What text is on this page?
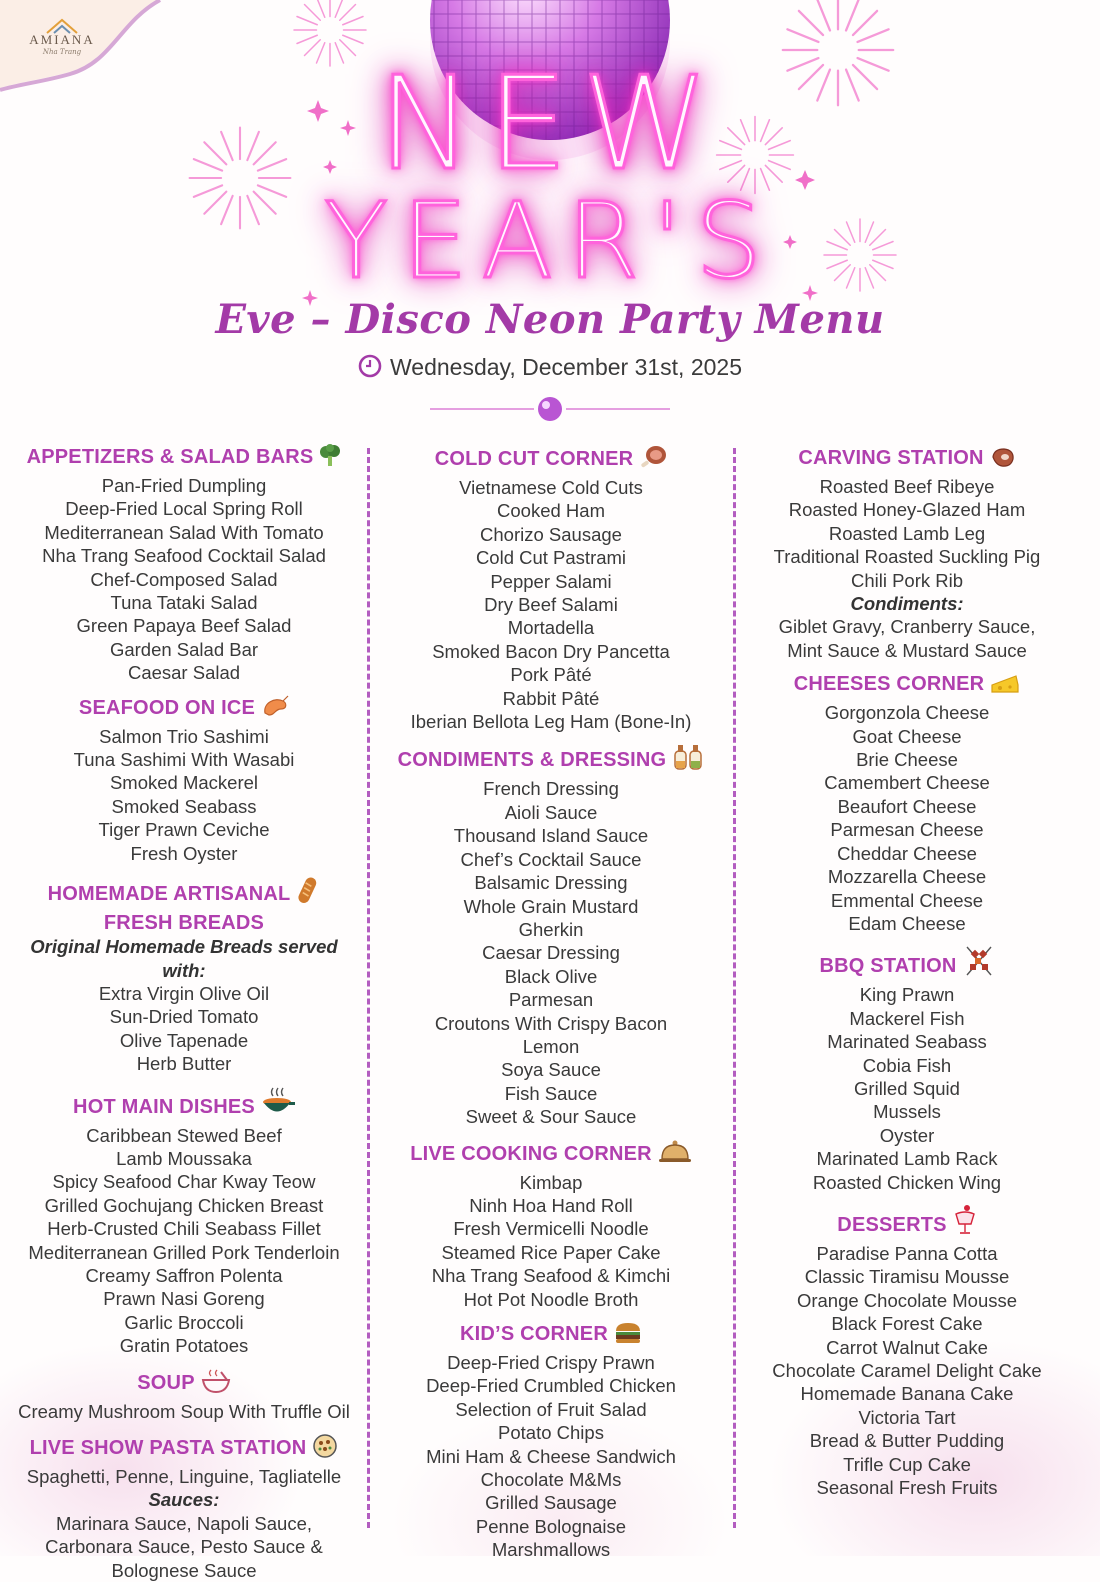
AMIANA
Nha Trang	NEW
YEAR'S
Eve – Disco Neon Party Menu
Wednesday, December 31st, 2025
APPETIZERS & SALAD BARS
Pan-Fried Dumpling
Deep-Fried Local Spring Roll
Mediterranean Salad With Tomato
Nha Trang Seafood Cocktail Salad
Chef-Composed Salad
Tuna Tataki Salad
Green Papaya Beef Salad
Garden Salad Bar
Caesar Salad
SEAFOOD ON ICE
Salmon Trio Sashimi
Tuna Sashimi With Wasabi
Smoked Mackerel
Smoked Seabass
Tiger Prawn Ceviche
Fresh Oyster
HOMEMADE ARTISANAL
FRESH BREADS
Original Homemade Breads served with:
Extra Virgin Olive Oil
Sun-Dried Tomato
Olive Tapenade
Herb Butter
HOT MAIN DISHES
Caribbean Stewed Beef
Lamb Moussaka
Spicy Seafood Char Kway Teow
Grilled Gochujang Chicken Breast
Herb-Crusted Chili Seabass Fillet
Mediterranean Grilled Pork Tenderloin
Creamy Saffron Polenta
Prawn Nasi Goreng
Garlic Broccoli
Gratin Potatoes
SOUP
Creamy Mushroom Soup With Truffle Oil
LIVE SHOW PASTA STATION
Spaghetti, Penne, Linguine, Tagliatelle
Sauces:
Marinara Sauce, Napoli Sauce,
Carbonara Sauce, Pesto Sauce &
Bolognese Sauce
COLD CUT CORNER
Vietnamese Cold Cuts
Cooked Ham
Chorizo Sausage
Cold Cut Pastrami
Pepper Salami
Dry Beef Salami
Mortadella
Smoked Bacon Dry Pancetta
Pork Pâté
Rabbit Pâté
Iberian Bellota Leg Ham (Bone-In)
CONDIMENTS & DRESSING
French Dressing
Aioli Sauce
Thousand Island Sauce
Chef’s Cocktail Sauce
Balsamic Dressing
Whole Grain Mustard
Gherkin
Caesar Dressing
Black Olive
Parmesan
Croutons With Crispy Bacon
Lemon
Soya Sauce
Fish Sauce
Sweet & Sour Sauce
LIVE COOKING CORNER
Kimbap
Ninh Hoa Hand Roll
Fresh Vermicelli Noodle
Steamed Rice Paper Cake
Nha Trang Seafood & Kimchi
Hot Pot Noodle Broth
KID’S CORNER
Deep-Fried Crispy Prawn
Deep-Fried Crumbled Chicken
Selection of Fruit Salad
Potato Chips
Mini Ham & Cheese Sandwich
Chocolate M&Ms
Grilled Sausage
Penne Bolognaise
Marshmallows
CARVING STATION
Roasted Beef Ribeye
Roasted Honey-Glazed Ham
Roasted Lamb Leg
Traditional Roasted Suckling Pig
Chili Pork Rib
Condiments:
Giblet Gravy, Cranberry Sauce,
Mint Sauce & Mustard Sauce
CHEESES CORNER
Gorgonzola Cheese
Goat Cheese
Brie Cheese
Camembert Cheese
Beaufort Cheese
Parmesan Cheese
Cheddar Cheese
Mozzarella Cheese
Emmental Cheese
Edam Cheese
BBQ STATION
King Prawn
Mackerel Fish
Marinated Seabass
Cobia Fish
Grilled Squid
Mussels
Oyster
Marinated Lamb Rack
Roasted Chicken Wing
DESSERTS
Paradise Panna Cotta
Classic Tiramisu Mousse
Orange Chocolate Mousse
Black Forest Cake
Carrot Walnut Cake
Chocolate Caramel Delight Cake
Homemade Banana Cake
Victoria Tart
Bread & Butter Pudding
Trifle Cup Cake
Seasonal Fresh Fruits
